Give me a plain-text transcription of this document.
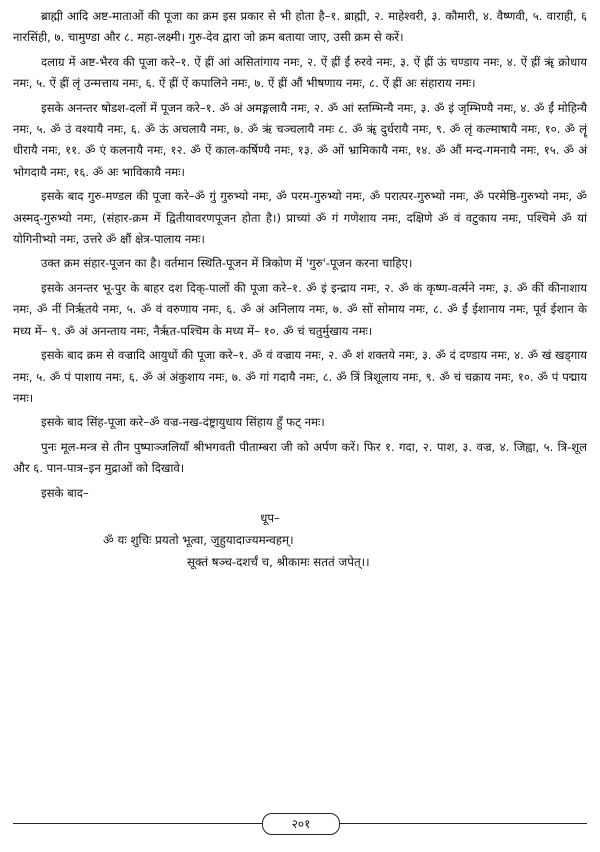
ब्राह्मी आदि अष्ट-माताओं की पूजा का क्रम इस प्रकार से भी होता है–१. ब्राह्मी, २. माहेश्वरी, ३. कौमारी, ४. वैष्णवी, ५. वाराही, ६ नारसिंही, ७. चामुण्डा और ८. महा-लक्ष्मी। गुरु-देव द्वारा जो क्रम बताया जाए, उसी क्रम से करें।

दलाग्र में अष्ट-भैरव की पूजा करे–१. ऐं ह्रीं आं असितांगाय नमः, २. ऐं ह्रीं ईं रुरवे नमः, ३. ऐं ह्रीं ऊं चण्डाय नमः, ४. ऐं ह्रीं ॠं क्रोधाय नमः, ५. ऐं ह्रीं लृं उन्मत्ताय नमः, ६. ऐं ह्रीं ऐं कपालिने नमः, ७. ऐं ह्रीं औं भीषणाय नमः, ८. ऐं ह्रीं अः संहाराय नमः।

इसके अनन्तर षोडश-दलों में पूजन करे–१. ॐ अं अमङ्गलायै नमः, २. ॐ आं स्तम्भिन्यै नमः, ३. ॐ इं जृम्भिण्यै नमः, ४. ॐ ईं मोहिन्यै नमः, ५. ॐ उं वश्यायै नमः, ६. ॐ ऊं अचलायै नमः, ७. ॐ ऋं चञ्चलायै नमः ८. ॐ ॠं दुर्धरायै नमः, ९. ॐ लृं कल्माषायै नमः, १०. ॐ लॄं धीरायै नमः, ११. ॐ एं कलनायै नमः, १२. ॐ ऐं काल-कर्षिण्यै नमः, १३. ॐ ओं भ्रामिकायै नमः, १४. ॐ औं मन्द-गमनायै नमः, १५. ॐ अं भोगदायै नमः, १६. ॐ अः भाविकायै नमः।

इसके बाद गुरु-मण्डल की पूजा करे–ॐ गुं गुरुभ्यो नमः, ॐ परम-गुरुभ्यो नमः, ॐ परात्पर-गुरुभ्यो नमः, ॐ परमेष्ठि-गुरुभ्यो नमः, ॐ अस्मद्-गुरुभ्यो नमः, (संहार-क्रम में द्वितीयावरणपूजन होता है।) प्राच्यां ॐ गं गणेशाय नमः, दक्षिणे ॐ वं वटुकाय नमः, पश्चिमे ॐ यां योगिनीभ्यो नमः, उत्तरे ॐ क्षौं क्षेत्र-पालाय नमः।

उक्त क्रम संहार-पूजन का है। वर्तमान स्थिति-पूजन में त्रिकोण में 'गुरु'-पूजन करना चाहिए।

इसके अनन्तर भू-पुर के बाहर दश दिक्-पालों की पूजा करे–१. ॐ इं इन्द्राय नमः, २. ॐ कं कृष्ण-वर्त्मने नमः, ३. ॐ कीं कीनाशाय नमः, ॐ नीं निर्ऋतये नमः, ५. ॐ वं वरुणाय नमः, ६. ॐ अं अनिलाय नमः, ७. ॐ सों सोमाय नमः, ८. ॐ ईं ईशानाय नमः, पूर्व ईशान के मध्य में– ९. ॐ अं अनन्ताय नमः, नैर्ऋत-पश्चिम के मध्य में– १०. ॐ चं चतुर्मुखाय नमः।

इसके बाद क्रम से वज्रादि आयुधों की पूजा करे–१. ॐ वं वज्राय नमः, २. ॐ शं शक्तये नमः, ३. ॐ दं दण्डाय नमः, ४. ॐ खं खड्गाय नमः, ५. ॐ पं पाशाय नमः, ६. ॐ अं अंकुशाय नमः, ७. ॐ गां गदायै नमः, ८. ॐ त्रिं त्रिशूलाय नमः, ९. ॐ चं चक्राय नमः, १०. ॐ पं पद्माय नमः।

इसके बाद सिंह-पूजा करे–ॐ वज्र-नख-दंष्ट्रायुधाय सिंहाय हुँ फट् नमः।

पुनः मूल-मन्त्र से तीन पुष्पाञ्जलियाँ श्रीभगवती पीताम्बरा जी को अर्पण करें। फिर १. गदा, २. पाश, ३. वज्र, ४. जिह्वा, ५. त्रि-शूल और ६. पान-पात्र–इन मुद्राओं को दिखावे।

इसके बाद–

धूप–

ॐ यः शुचिः प्रयतो भूत्वा, जुहुयादाज्यमन्वहम्।

सूक्तं षञ्च-दशर्चं च, श्रीकामः सततं जपेत्।।

२०१
